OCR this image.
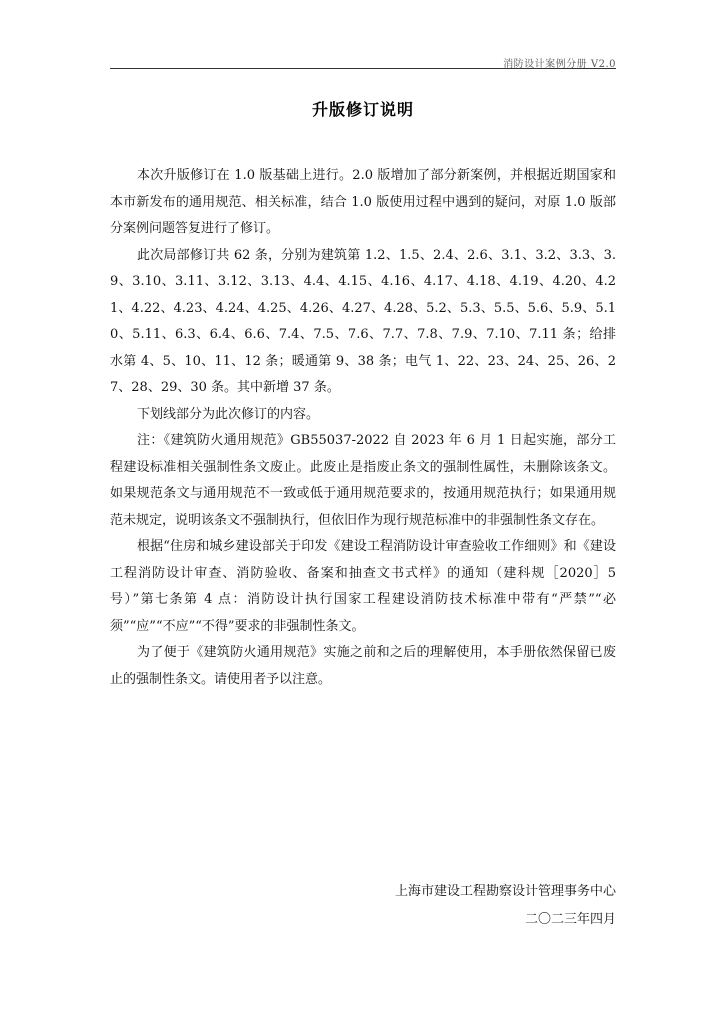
消防设计案例分册 V2.0
升版修订说明

本次升版修订在 1.0 版基础上进行。2.0 版增加了部分新案例，并根据近期国家和本市新发布的通用规范、相关标准，结合 1.0 版使用过程中遇到的疑问，对原 1.0 版部分案例问题答复进行了修订。

此次局部修订共 62 条，分别为建筑第 1.2、1.5、2.4、2.6、3.1、3.2、3.3、3.9、3.10、3.11、3.12、3.13、4.4、4.15、4.16、4.17、4.18、4.19、4.20、4.21、4.22、4.23、4.24、4.25、4.26、4.27、4.28、5.2、5.3、5.5、5.6、5.9、5.10、5.11、6.3、6.4、6.6、7.4、7.5、7.6、7.7、7.8、7.9、7.10、7.11 条；给排水第 4、5、10、11、12 条；暖通第 9、38 条；电气 1、22、23、24、25、26、27、28、29、30 条。其中新增 37 条。

下划线部分为此次修订的内容。

注：《建筑防火通用规范》GB55037-2022 自 2023 年 6 月 1 日起实施，部分工程建设标准相关强制性条文废止。此废止是指废止条文的强制性属性，未删除该条文。如果规范条文与通用规范不一致或低于通用规范要求的，按通用规范执行；如果通用规范未规定，说明该条文不强制执行，但依旧作为现行规范标准中的非强制性条文存在。

根据“住房和城乡建设部关于印发《建设工程消防设计审查验收工作细则》和《建设工程消防设计审查、消防验收、备案和抽查文书式样》的通知（建科规［2020］5 号）”第七条第 4 点：消防设计执行国家工程建设消防技术标准中带有“严禁”“必须”“应”“不应”“不得”要求的非强制性条文。

为了便于《建筑防火通用规范》实施之前和之后的理解使用，本手册依然保留已废止的强制性条文。请使用者予以注意。

上海市建设工程勘察设计管理事务中心
二〇二三年四月
